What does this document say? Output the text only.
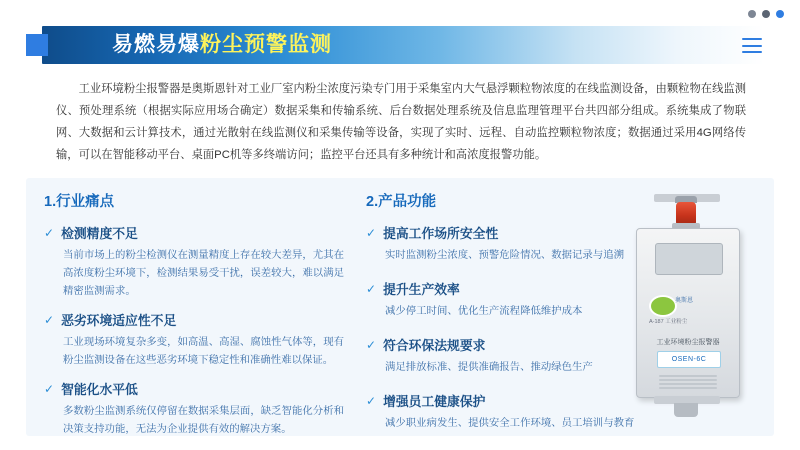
易燃易爆粉尘预警监测
工业环境粉尘报警器是奥斯恩针对工业厂室内粉尘浓度污染专门用于采集室内大气悬浮颗粒物浓度的在线监测设备，由颗粒物在线监测仪、预处理系统（根据实际应用场合确定）数据采集和传输系统、后台数据处理系统及信息监理管理平台共四部分组成。系统集成了物联网、大数据和云计算技术，通过光散射在线监测仪和采集传输等设备，实现了实时、远程、自动监控颗粒物浓度；数据通过采用4G网络传输，可以在智能移动平台、桌面PC机等多终端访问；监控平台还具有多种统计和高浓度报警功能。
1.行业痛点
✓ 检测精度不足
当前市场上的粉尘检测仪在测量精度上存在较大差异，尤其在高浓度粉尘环境下，检测结果易受干扰，误差较大，难以满足精密监测需求。
✓ 恶劣环境适应性不足
工业现场环境复杂多变，如高温、高湿、腐蚀性气体等，现有粉尘监测设备在这些恶劣环境下稳定性和准确性难以保证。
✓ 智能化水平低
多数粉尘监测系统仅停留在数据采集层面，缺乏智能化分析和决策支持功能，无法为企业提供有效的解决方案。
2.产品功能
✓ 提高工作场所安全性
实时监测粉尘浓度、预警危险情况、数据记录与追溯
✓ 提升生产效率
减少停工时间、优化生产流程降低维护成本
✓ 符合环保法规要求
满足排放标准、提供准确报告、推动绿色生产
✓ 增强员工健康保护
减少职业病发生、提供安全工作环境、员工培训与教育
奥斯恩
A-187 工业粉尘
工业环境粉尘报警器
OSEN-6C
